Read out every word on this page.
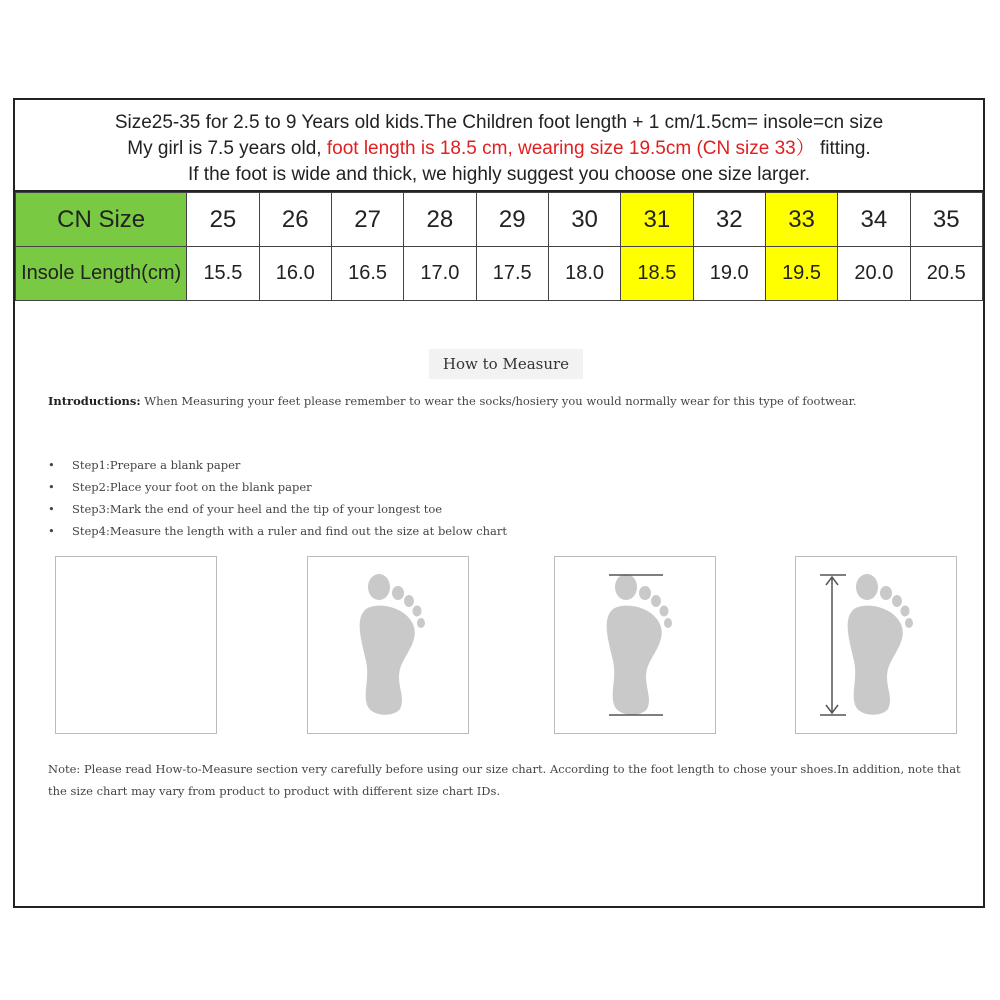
Size25-35 for 2.5 to 9 Years old kids.The Children foot length + 1 cm/1.5cm= insole=cn size
My girl is 7.5 years old, foot length is 18.5 cm, wearing size 19.5cm (CN size 33） fitting.
If the foot is wide and thick, we highly suggest you choose one size larger.
CN Size	25	26	27	28	29	30	31	32	33	34	35
Insole Length(cm)	15.5	16.0	16.5	17.0	17.5	18.0	18.5	19.0	19.5	20.0	20.5
How to Measure
Introductions: When Measuring your feet please remember to wear the socks/hosiery you would normally wear for this type of footwear.
• Step1:Prepare a blank paper
• Step2:Place your foot on the blank paper
• Step3:Mark the end of your heel and the tip of your longest toe
• Step4:Measure the length with a ruler and find out the size at below chart
Note: Please read How-to-Measure section very carefully before using our size chart. According to the foot length to chose your shoes.In addition, note that the size chart may vary from product to product with different size chart IDs.
